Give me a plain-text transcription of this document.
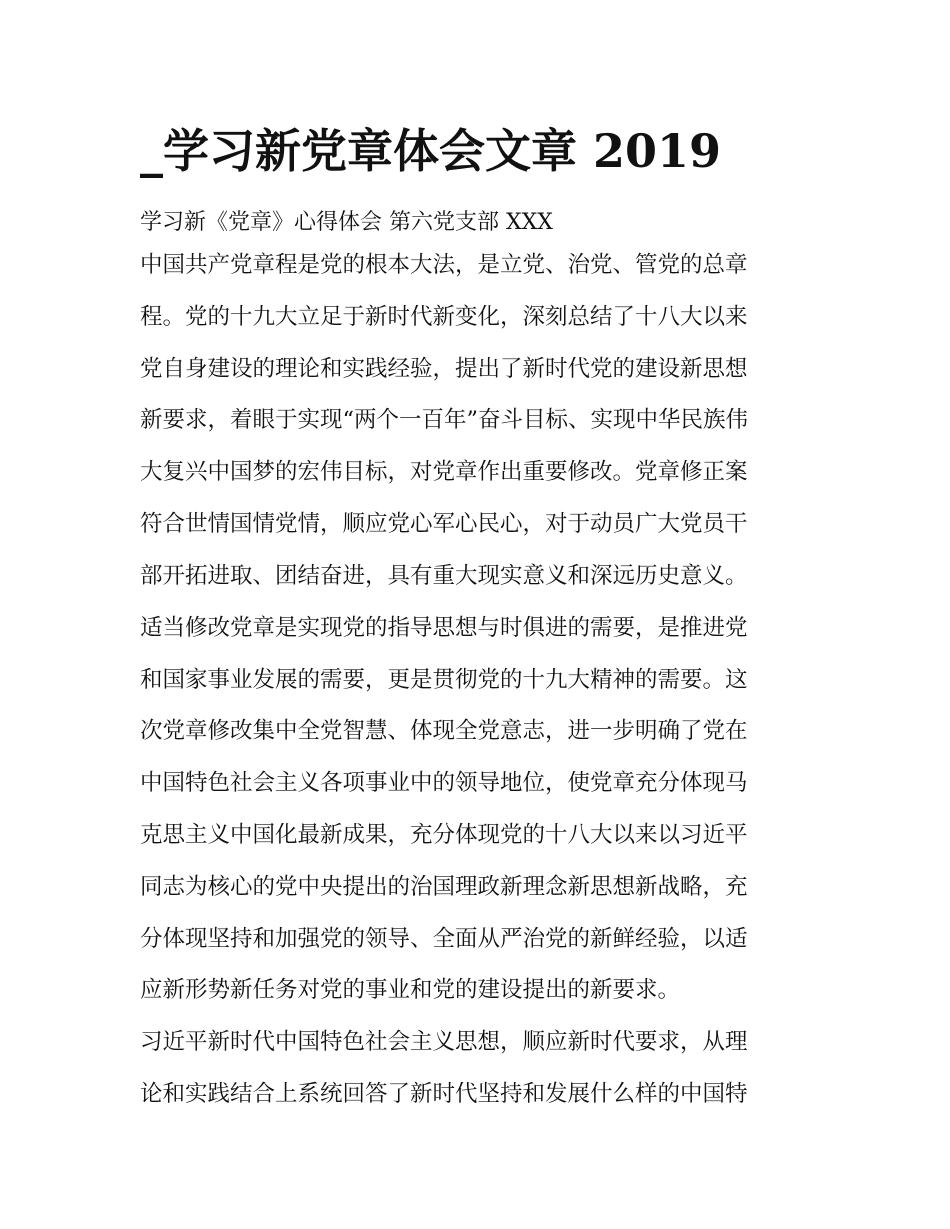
_学习新党章体会文章 2019

学习新《党章》心得体会 第六党支部 XXX

中国共产党章程是党的根本大法，是立党、治党、管党的总章

程。党的十九大立足于新时代新变化，深刻总结了十八大以来

党自身建设的理论和实践经验，提出了新时代党的建设新思想

新要求，着眼于实现“两个一百年”奋斗目标、实现中华民族伟

大复兴中国梦的宏伟目标，对党章作出重要修改。党章修正案

符合世情国情党情，顺应党心军心民心，对于动员广大党员干

部开拓进取、团结奋进，具有重大现实意义和深远历史意义。

适当修改党章是实现党的指导思想与时俱进的需要，是推进党

和国家事业发展的需要，更是贯彻党的十九大精神的需要。这

次党章修改集中全党智慧、体现全党意志，进一步明确了党在

中国特色社会主义各项事业中的领导地位，使党章充分体现马

克思主义中国化最新成果，充分体现党的十八大以来以习近平

同志为核心的党中央提出的治国理政新理念新思想新战略，充

分体现坚持和加强党的领导、全面从严治党的新鲜经验，以适

应新形势新任务对党的事业和党的建设提出的新要求。

习近平新时代中国特色社会主义思想，顺应新时代要求，从理

论和实践结合上系统回答了新时代坚持和发展什么样的中国特
